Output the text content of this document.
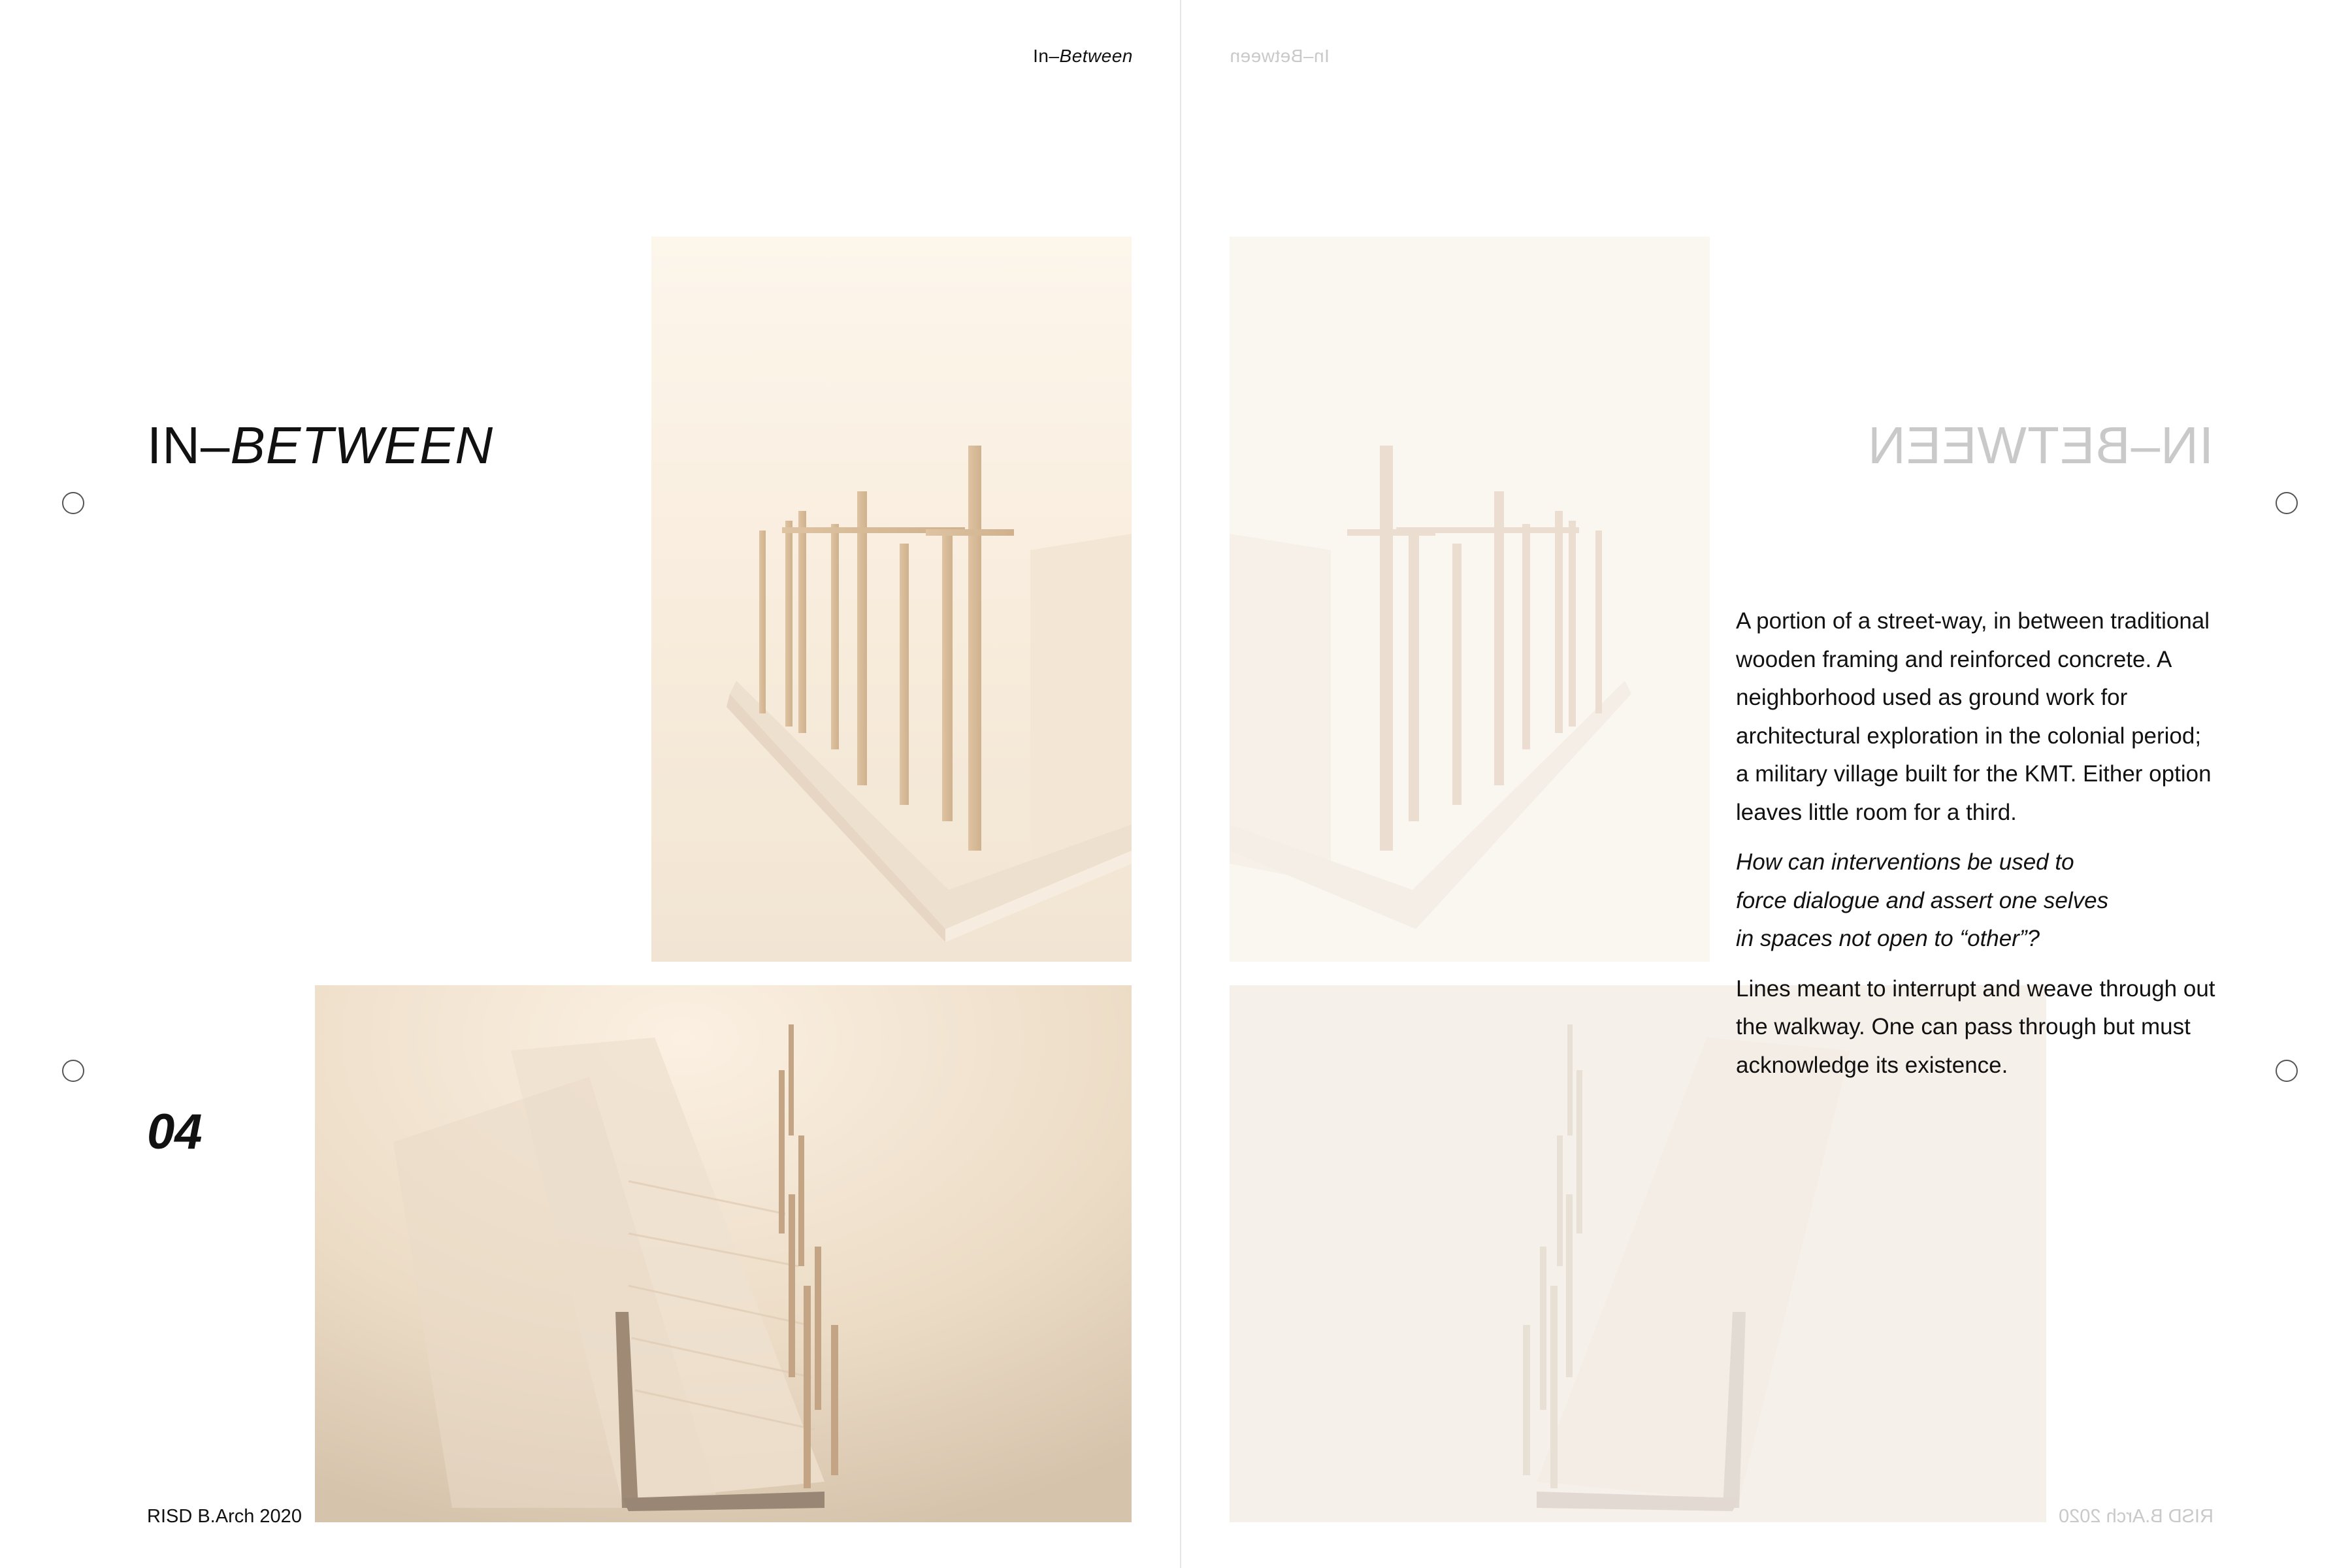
In–Between
IN–BETWEEN
04
RISD B.Arch 2020
In–Between
IN–BETWEEN
RISD B.Arch 2020

A portion of a street-way, in between traditional wooden framing and reinforced concrete. A neighborhood used as ground work for architectural exploration in the colonial period; a military village built for the KMT. Either option leaves little room for a third.

How can interventions be used to force dialogue and assert one selves in spaces not open to “other”?

Lines meant to interrupt and weave through out the walkway. One can pass through but must acknowledge its existence.
